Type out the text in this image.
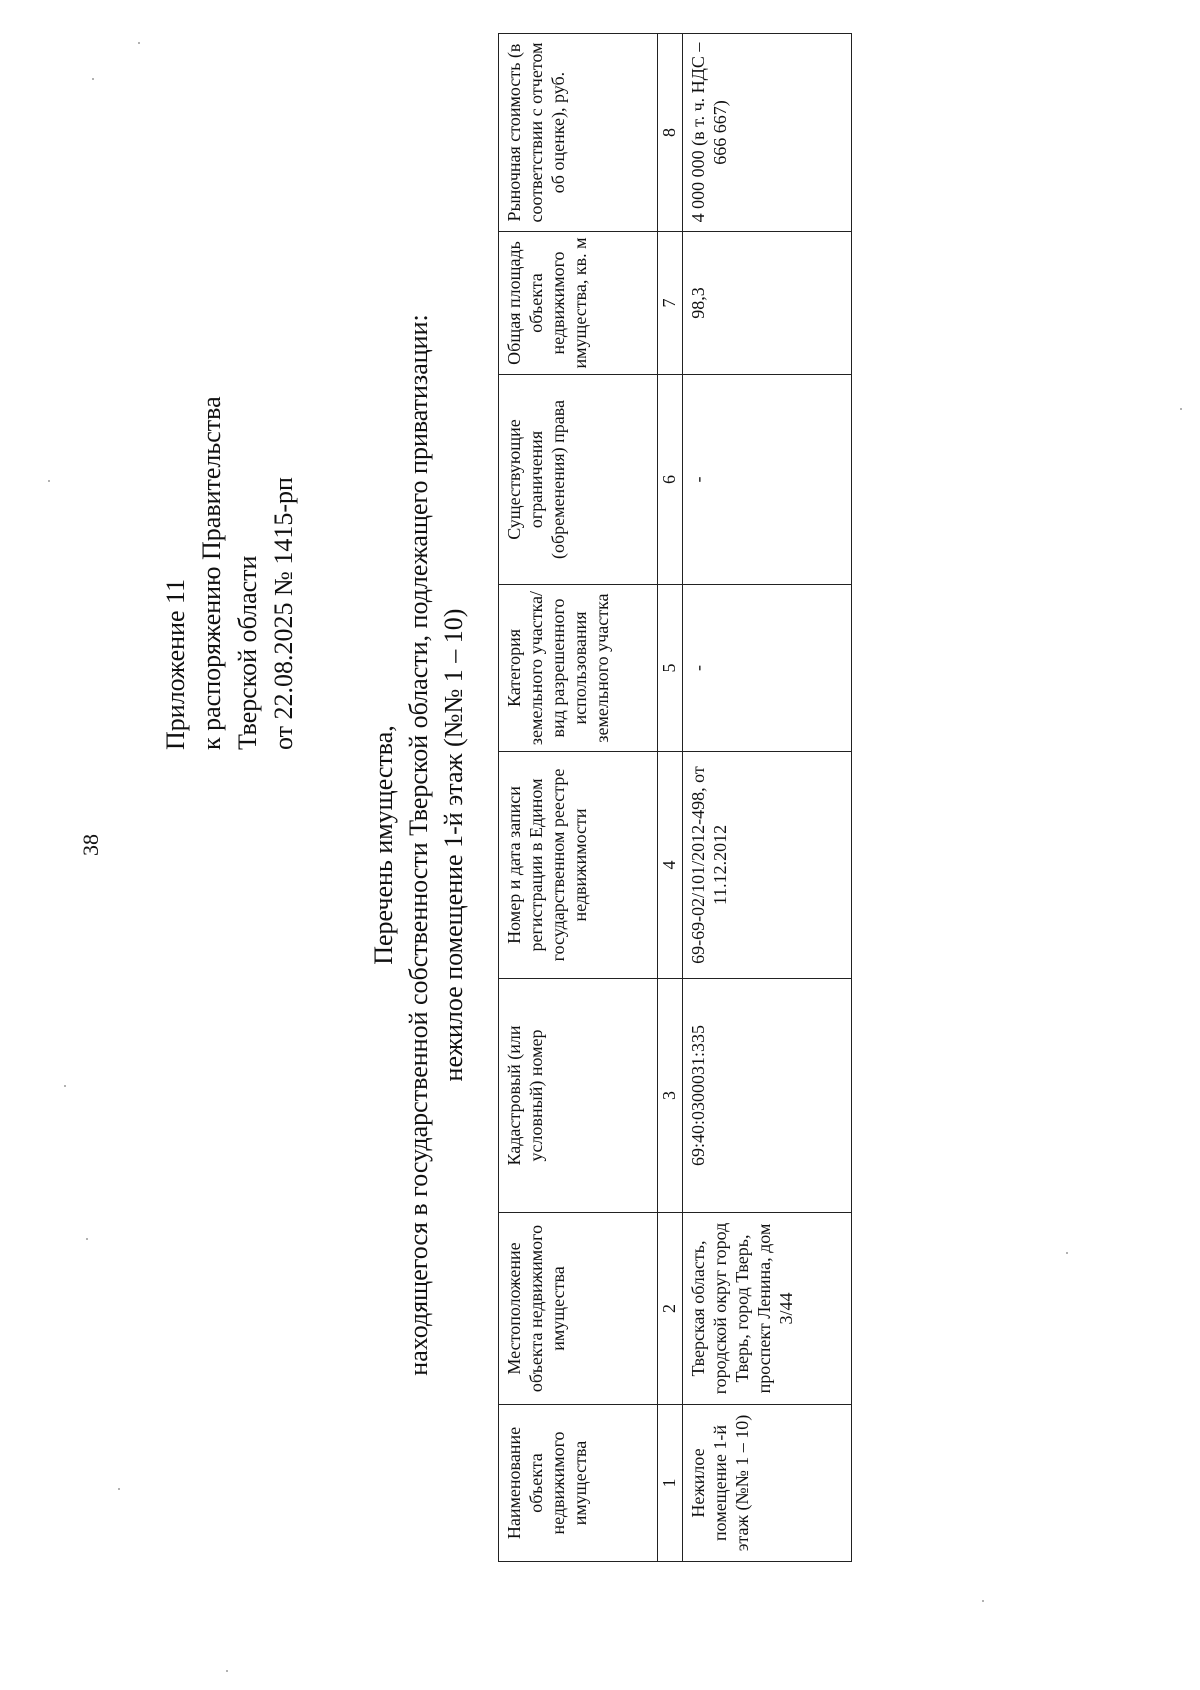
38
Приложение 11 к распоряжению Правительства Тверской области от 22.08.2025 № 1415-рп
Перечень имущества, находящегося в государственной собственности Тверской области, подлежащего приватизации: нежилое помещение 1-й этаж (№№ 1 – 10)
Наименование объекта недвижимого имущества	Местоположение объекта недвижимого имущества	Кадастровый (или условный) номер	Номер и дата записи регистрации в Едином государственном реестре недвижимости	Категория земельного участка/вид разрешенного использования земельного участка	Существующие ограничения (обременения) права	Общая площадь объекта недвижимого имущества, кв. м	Рыночная стоимость (в соответствии с отчетом об оценке), руб.
1	2	3	4	5	6	7	8
Нежилое помещение 1-й этаж (№№ 1 – 10)	Тверская область, городской округ город Тверь, город Тверь, проспект Ленина, дом 3/44	69:40:0300031:335	69-69-02/101/2012-498, от 11.12.2012	-	-	98,3	4 000 000 (в т. ч. НДС – 666 667)
